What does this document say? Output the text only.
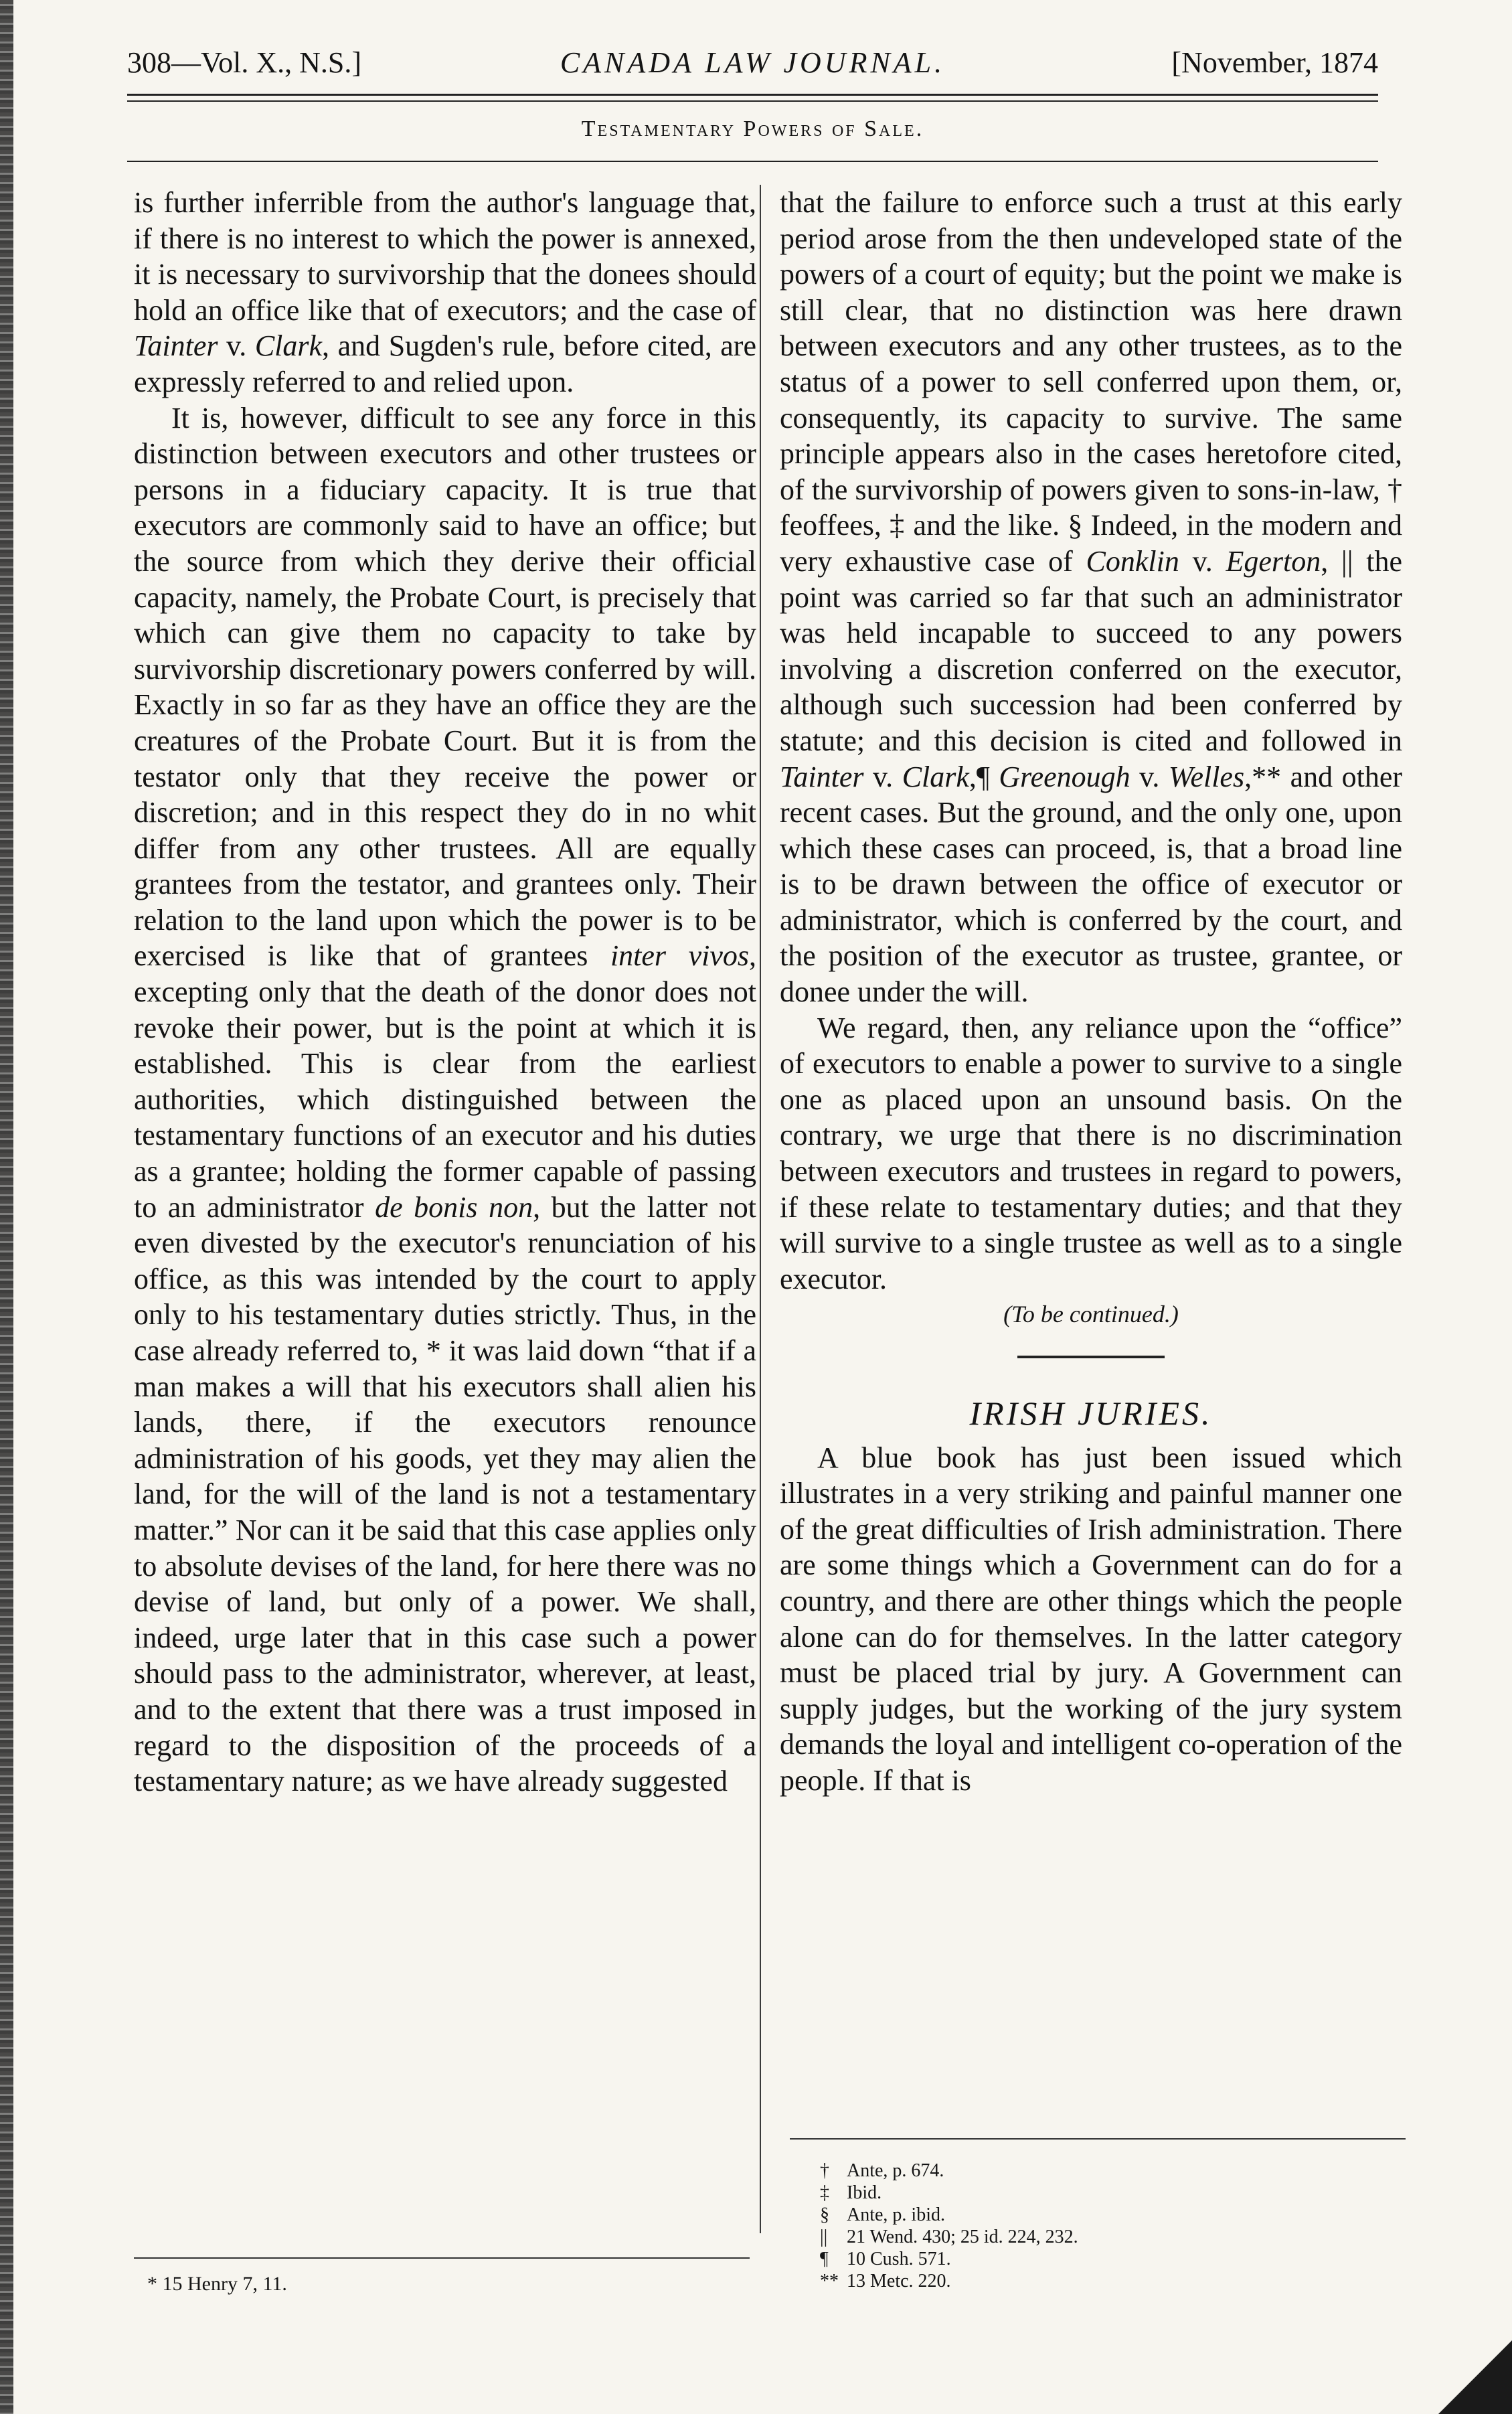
308—Vol. X., N.S.]	CANADA LAW JOURNAL.	[November, 1874
Testamentary Powers of Sale.

is further inferrible from the author's language that, if there is no interest to which the power is annexed, it is necessary to survivorship that the donees should hold an office like that of executors; and the case of Tainter v. Clark, and Sugden's rule, before cited, are expressly referred to and relied upon.

It is, however, difficult to see any force in this distinction between executors and other trustees or persons in a fiduciary capacity. It is true that executors are commonly said to have an office; but the source from which they derive their official capacity, namely, the Probate Court, is precisely that which can give them no capacity to take by survivorship discretionary powers conferred by will. Exactly in so far as they have an office they are the creatures of the Probate Court. But it is from the testator only that they receive the power or discretion; and in this respect they do in no whit differ from any other trustees. All are equally grantees from the testator, and grantees only. Their relation to the land upon which the power is to be exercised is like that of grantees inter vivos, excepting only that the death of the donor does not revoke their power, but is the point at which it is established. This is clear from the earliest authorities, which distinguished between the testamentary functions of an executor and his duties as a grantee; holding the former capable of passing to an administrator de bonis non, but the latter not even divested by the executor's renunciation of his office, as this was intended by the court to apply only to his testamentary duties strictly. Thus, in the case already referred to, * it was laid down “that if a man makes a will that his executors shall alien his lands, there, if the executors renounce administration of his goods, yet they may alien the land, for the will of the land is not a testamentary matter.” Nor can it be said that this case applies only to absolute devises of the land, for here there was no devise of land, but only of a power. We shall, indeed, urge later that in this case such a power should pass to the administrator, wherever, at least, and to the extent that there was a trust imposed in regard to the disposition of the proceeds of a testamentary nature; as we have already suggested

that the failure to enforce such a trust at this early period arose from the then undeveloped state of the powers of a court of equity; but the point we make is still clear, that no distinction was here drawn between executors and any other trustees, as to the status of a power to sell conferred upon them, or, consequently, its capacity to survive. The same principle appears also in the cases heretofore cited, of the survivorship of powers given to sons-in-law, † feoffees, ‡ and the like. § Indeed, in the modern and very exhaustive case of Conklin v. Egerton, || the point was carried so far that such an administrator was held incapable to succeed to any powers involving a discretion conferred on the executor, although such succession had been conferred by statute; and this decision is cited and followed in Tainter v. Clark,¶ Greenough v. Welles,** and other recent cases. But the ground, and the only one, upon which these cases can proceed, is, that a broad line is to be drawn between the office of executor or administrator, which is conferred by the court, and the position of the executor as trustee, grantee, or donee under the will.

We regard, then, any reliance upon the “office” of executors to enable a power to survive to a single one as placed upon an unsound basis. On the contrary, we urge that there is no discrimination between executors and trustees in regard to powers, if these relate to testamentary duties; and that they will survive to a single trustee as well as to a single executor.

(To be continued.)

IRISH JURIES.

A blue book has just been issued which illustrates in a very striking and painful manner one of the great difficulties of Irish administration. There are some things which a Government can do for a country, and there are other things which the people alone can do for themselves. In the latter category must be placed trial by jury. A Government can supply judges, but the working of the jury system demands the loyal and intelligent co-operation of the people. If that is

* 15 Henry 7, 11.
† Ante, p. 674.
‡ Ibid.
§ Ante, p. ibid.
|| 21 Wend. 430; 25 id. 224, 232.
¶ 10 Cush. 571.
** 13 Metc. 220.
